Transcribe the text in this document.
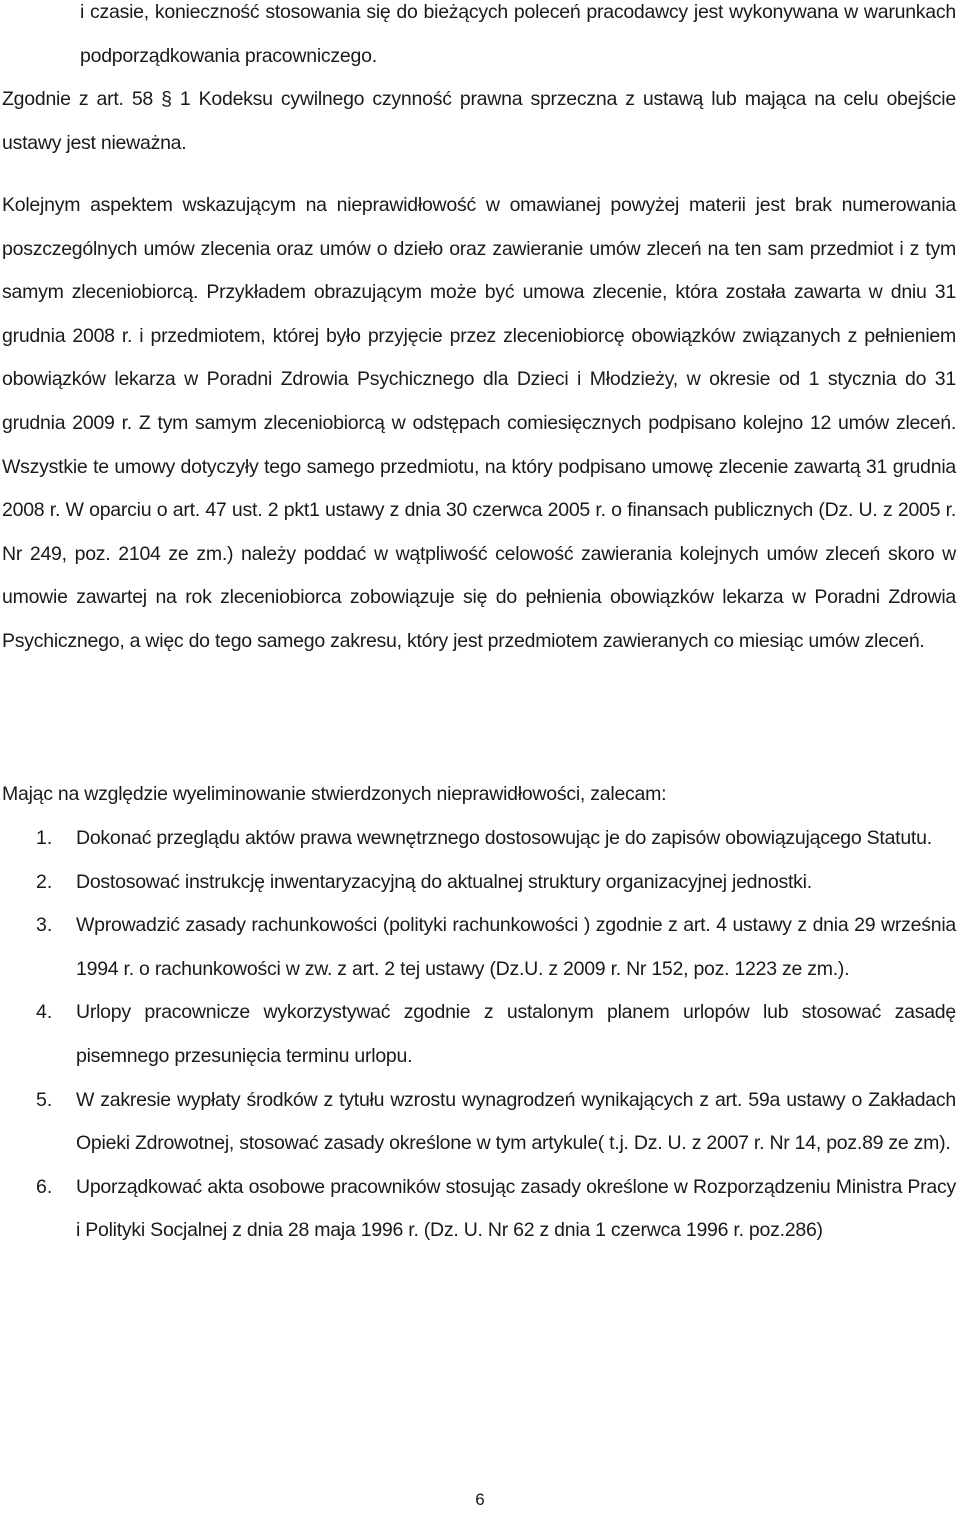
i czasie, konieczność stosowania się do bieżących poleceń pracodawcy jest wykonywana w warunkach podporządkowania pracowniczego.

Zgodnie z art. 58 § 1 Kodeksu cywilnego czynność prawna sprzeczna z ustawą lub mająca na celu obejście ustawy jest nieważna.

Kolejnym aspektem wskazującym na nieprawidłowość w omawianej powyżej materii jest brak numerowania poszczególnych umów zlecenia oraz umów o dzieło oraz zawieranie umów zleceń na ten sam przedmiot i z tym samym zleceniobiorcą. Przykładem obrazującym może być umowa zlecenie, która została zawarta w dniu 31 grudnia 2008 r. i przedmiotem, której było przyjęcie przez zleceniobiorcę obowiązków związanych z pełnieniem obowiązków lekarza w Poradni Zdrowia Psychicznego dla Dzieci i Młodzieży, w okresie od 1 stycznia do 31 grudnia 2009 r. Z tym samym zleceniobiorcą w odstępach comiesięcznych podpisano kolejno 12 umów zleceń. Wszystkie te umowy dotyczyły tego samego przedmiotu, na który podpisano umowę zlecenie zawartą 31 grudnia 2008 r. W oparciu o art. 47 ust. 2 pkt1 ustawy z dnia 30 czerwca 2005 r. o finansach publicznych (Dz. U. z 2005 r. Nr 249, poz. 2104 ze zm.) należy poddać w wątpliwość celowość zawierania kolejnych umów zleceń skoro w umowie zawartej na rok zleceniobiorca zobowiązuje się do pełnienia obowiązków lekarza w Poradni Zdrowia Psychicznego, a więc do tego samego zakresu, który jest przedmiotem zawieranych co miesiąc umów zleceń.

Mając na względzie wyeliminowanie stwierdzonych nieprawidłowości, zalecam:

1. Dokonać przeglądu aktów prawa wewnętrznego dostosowując je do zapisów obowiązującego Statutu.
2. Dostosować instrukcję inwentaryzacyjną do aktualnej struktury organizacyjnej jednostki.
3. Wprowadzić zasady rachunkowości (polityki rachunkowości ) zgodnie z art. 4 ustawy z dnia 29 września 1994 r. o rachunkowości w zw. z art. 2 tej ustawy (Dz.U. z 2009 r. Nr 152, poz. 1223 ze zm.).
4. Urlopy pracownicze wykorzystywać zgodnie z ustalonym planem urlopów lub stosować zasadę pisemnego przesunięcia terminu urlopu.
5. W zakresie wypłaty środków z tytułu wzrostu wynagrodzeń wynikających z art. 59a ustawy o Zakładach Opieki Zdrowotnej, stosować zasady określone w tym artykule( t.j. Dz. U. z 2007 r. Nr 14, poz.89 ze zm).
6. Uporządkować akta osobowe pracowników stosując zasady określone w Rozporządzeniu Ministra Pracy i Polityki Socjalnej z dnia 28 maja 1996 r. (Dz. U. Nr 62 z dnia 1 czerwca 1996 r. poz.286)
6
